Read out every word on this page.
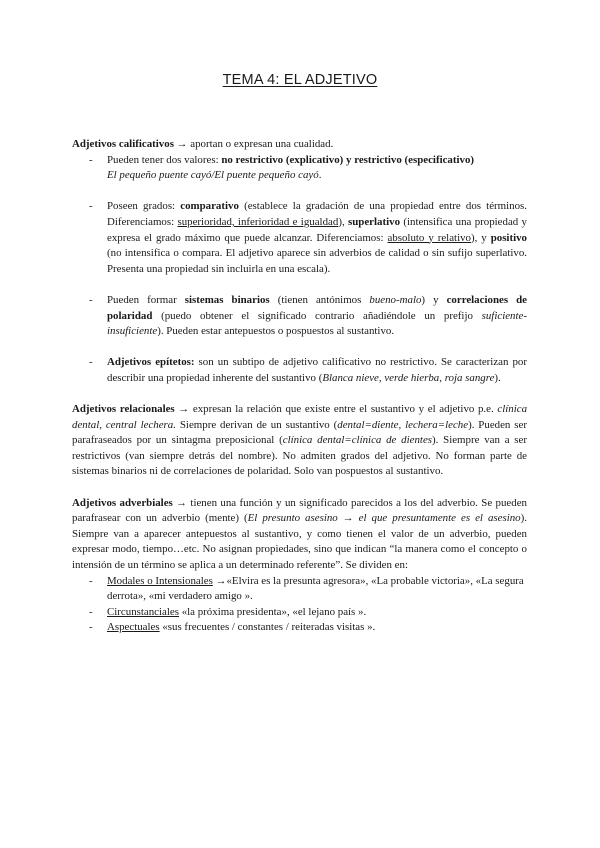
TEMA 4: EL ADJETIVO

Adjetivos calificativos → aportan o expresan una cualidad.

- Pueden tener dos valores: no restrictivo (explicativo) y restrictivo (especificativo)
El pequeño puente cayó/El puente pequeño cayó.
- Poseen grados: comparativo (establece la gradación de una propiedad entre dos términos. Diferenciamos: superioridad, inferioridad e igualdad), superlativo (intensifica una propiedad y expresa el grado máximo que puede alcanzar. Diferenciamos: absoluto y relativo), y positivo (no intensifica o compara. El adjetivo aparece sin adverbios de calidad o sin sufijo superlativo. Presenta una propiedad sin incluirla en una escala).
- Pueden formar sistemas binarios (tienen antónimos bueno-malo) y correlaciones de polaridad (puedo obtener el significado contrario añadiéndole un prefijo suficiente-insuficiente). Pueden estar antepuestos o pospuestos al sustantivo.
- Adjetivos epítetos: son un subtipo de adjetivo calificativo no restrictivo. Se caracterizan por describir una propiedad inherente del sustantivo (Blanca nieve, verde hierba, roja sangre).

Adjetivos relacionales → expresan la relación que existe entre el sustantivo y el adjetivo p.e. clínica dental, central lechera. Siempre derivan de un sustantivo (dental=diente, lechera=leche). Pueden ser parafraseados por un sintagma preposicional (clínica dental=clínica de dientes). Siempre van a ser restrictivos (van siempre detrás del nombre). No admiten grados del adjetivo. No forman parte de sistemas binarios ni de correlaciones de polaridad. Solo van pospuestos al sustantivo.

Adjetivos adverbiales → tienen una función y un significado parecidos a los del adverbio. Se pueden parafrasear con un adverbio (mente) (El presunto asesino → el que presuntamente es el asesino). Siempre van a aparecer antepuestos al sustantivo, y como tienen el valor de un adverbio, pueden expresar modo, tiempo…etc. No asignan propiedades, sino que indican “la manera como el concepto o intensión de un término se aplica a un determinado referente”. Se dividen en:

- Modales o Intensionales →«Elvira es la presunta agresora», «La probable victoria», «La segura derrota», «mi verdadero amigo ».
- Circunstanciales «la próxima presidenta», «el lejano país ».
- Aspectuales «sus frecuentes / constantes / reiteradas visitas ».
